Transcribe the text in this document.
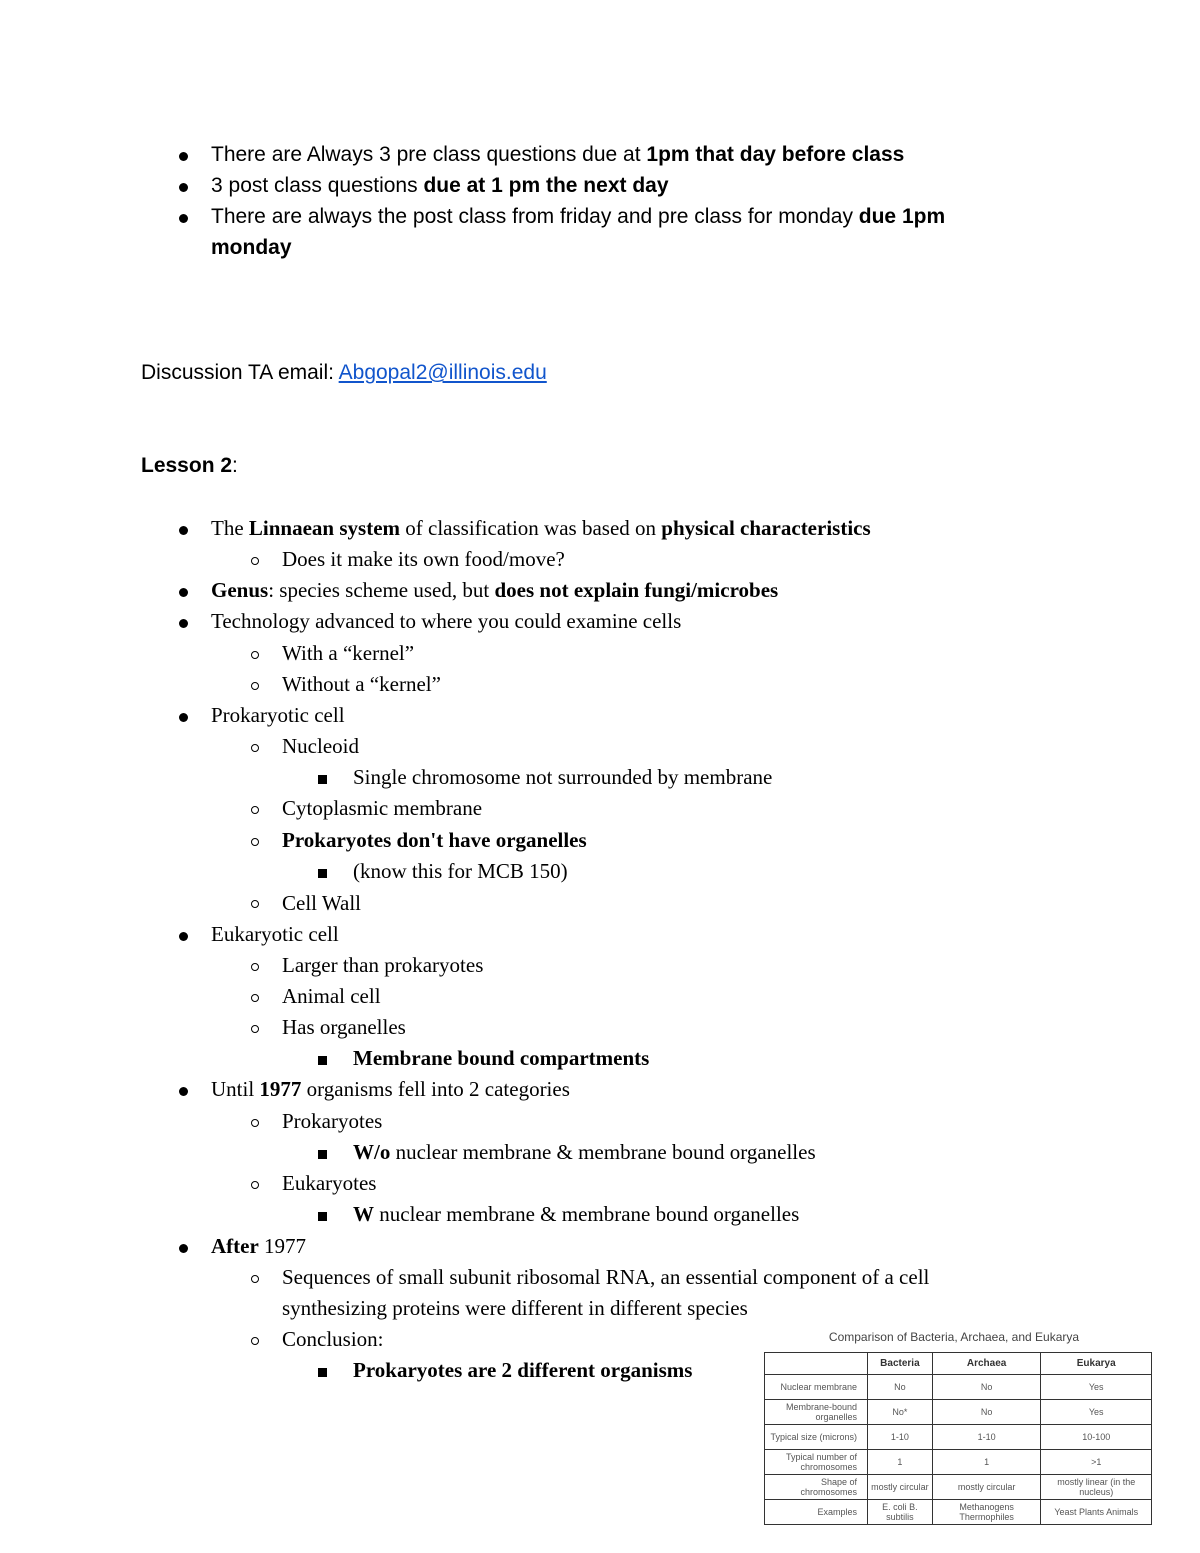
There are Always 3 pre class questions due at 1pm that day before class
3 post class questions due at 1 pm the next day
There are always the post class from friday and pre class for monday due 1pm
monday
Discussion TA email: Abgopal2@illinois.edu
Lesson 2:
The Linnaean system of classification was based on physical characteristics
Does it make its own food/move?
Genus: species scheme used, but does not explain fungi/microbes
Technology advanced to where you could examine cells
With a “kernel”
Without a “kernel”
Prokaryotic cell
Nucleoid
Single chromosome not surrounded by membrane
Cytoplasmic membrane
Prokaryotes don't have organelles
(know this for MCB 150)
Cell Wall
Eukaryotic cell
Larger than prokaryotes
Animal cell
Has organelles
Membrane bound compartments
Until 1977 organisms fell into 2 categories
Prokaryotes
W/o nuclear membrane & membrane bound organelles
Eukaryotes
W nuclear membrane & membrane bound organelles
After 1977
Sequences of small subunit ribosomal RNA, an essential component of a cell
synthesizing proteins were different in different species
Conclusion:
Prokaryotes are 2 different organisms
Comparison of Bacteria, Archaea, and Eukarya
	Bacteria	Archaea	Eukarya
Nuclear membrane	No	No	Yes
Membrane-bound organelles	No*	No	Yes
Typical size (microns)	1-10	1-10	10-100
Typical number of chromosomes	1	1	>1
Shape of chromosomes	mostly circular	mostly circular	mostly linear (in the nucleus)
Examples	E. coli B. subtilis	Methanogens Thermophiles	Yeast Plants Animals
